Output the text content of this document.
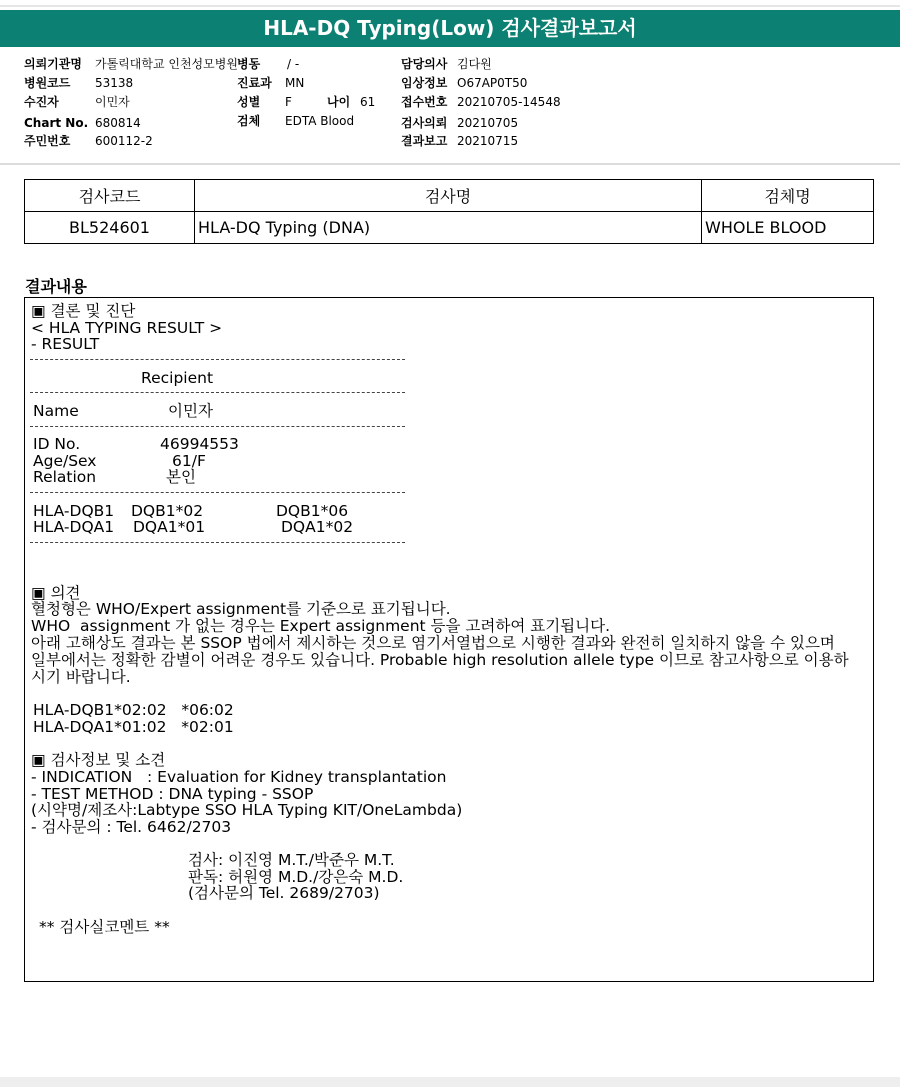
HLA-DQ Typing(Low) 검사결과보고서
의뢰기관명 가톨릭대학교 인천성모병원
병원코드 53138
수진자	이민자
Chart No. 680814
주민번호 600112-2
병동 / -
진료과 MN
성별 F	나이 61
검체 EDTA Blood
담당의사 김다원
임상정보 O67AP0T50
접수번호 20210705-14548
검사의뢰 20210705
결과보고 20210715
검사코드	검사명	검체명
BL524601	HLA-DQ Typing (DNA)	WHOLE BLOOD
결과내용
▣ 결론 및 진단
< HLA TYPING RESULT >
- RESULT
Recipient
Name	이민자
ID No.	46994553
Age/Sex	61/F
Relation	본인
HLA-DQB1 DQB1*02	DQB1*06
HLA-DQA1 DQA1*01	DQA1*02
▣ 의견
혈청형은 WHO/Expert assignment를 기준으로 표기됩니다.
WHO  assignment 가 없는 경우는 Expert assignment 등을 고려하여 표기됩니다.
아래 고해상도 결과는 본 SSOP 법에서 제시하는 것으로 염기서열법으로 시행한 결과와 완전히 일치하지 않을 수 있으며
일부에서는 정확한 감별이 어려운 경우도 있습니다. Probable high resolution allele type 이므로 참고사항으로 이용하
시기 바랍니다.
HLA-DQB1*02:02   *06:02
HLA-DQA1*01:02   *02:01
▣ 검사정보 및 소견
- INDICATION   : Evaluation for Kidney transplantation
- TEST METHOD : DNA typing - SSOP
(시약명/제조사:Labtype SSO HLA Typing KIT/OneLambda)
- 검사문의 : Tel. 6462/2703
검사: 이진영 M.T./박준우 M.T.
판독: 허원영 M.D./강은숙 M.D.
(검사문의 Tel. 2689/2703)
** 검사실코멘트 **
